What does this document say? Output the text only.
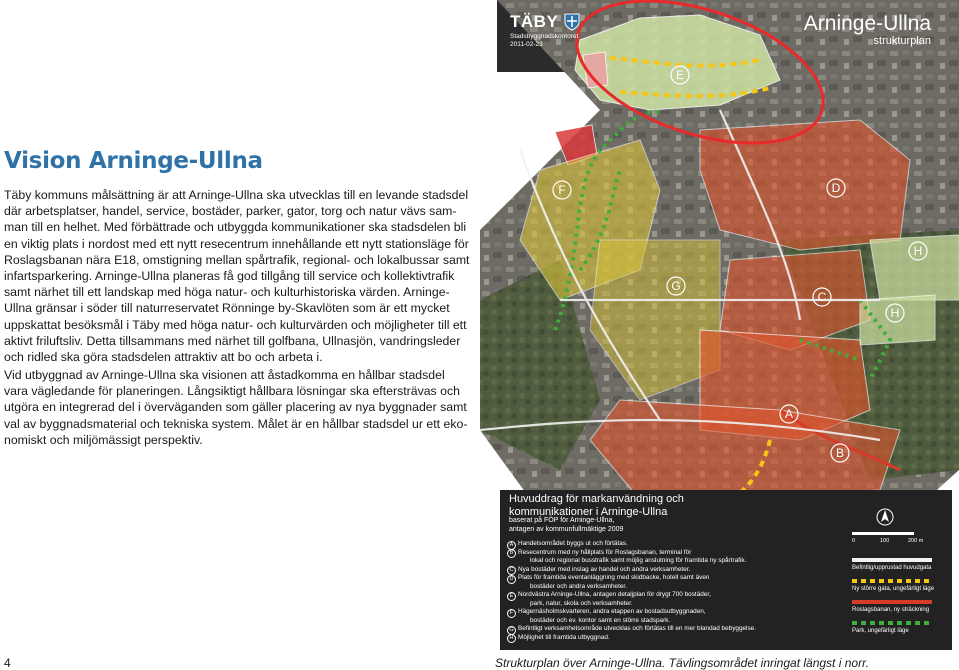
E
F	D
H
G
C
H
A
B
TÄBY
Stadsbyggnadskontoret
2011-02-23
Arninge-Ullna
strukturplan
Vision Arninge-Ullna

Täby kommuns målsättning är att Arninge-Ullna ska utvecklas till en levande stadsdel
där arbetsplatser, handel, service, bostäder, parker, gator, torg och natur vävs sam-
man till en helhet. Med förbättrade och utbyggda kommunikationer ska stadsdelen bli
en viktig plats i nordost med ett nytt resecentrum innehållande ett nytt stationsläge för
Roslagsbanan nära E18, omstigning mellan spårtrafik, regional- och lokalbussar samt
infartsparkering. Arninge-Ullna planeras få god tillgång till service och kollektivtrafik
samt närhet till ett landskap med höga natur- och kulturhistoriska värden. Arninge-
Ullna gränsar i söder till naturreservatet Rönninge by-Skavlöten som är ett mycket
uppskattat besöksmål i Täby med höga natur- och kulturvärden och möjligheter till ett
aktivt friluftsliv. Detta tillsammans med närhet till golfbana, Ullnasjön, vandringsleder
och ridled ska göra stadsdelen attraktiv att bo och arbeta i.

Vid utbyggnad av Arninge-Ullna ska visionen att åstadkomma en hållbar stadsdel
vara vägledande för planeringen. Långsiktigt hållbara lösningar ska eftersträvas och
utgöra en integrerad del i överväganden som gäller placering av nya byggnader samt
val av byggnadsmaterial och tekniska system. Målet är en hållbar stadsdel ur ett eko-
nomiskt och miljömässigt perspektiv.

Huvuddrag för markanvändning och kommunikationer i Arninge-Ullna
baserat på FÖP för Arninge-Ullna,
antagen av kommunfullmäktige 2009
A Handelsområdet byggs ut och förtätas.
B Resecentrum med ny hållplats för Roslagsbanan, terminal för
lokal och regional busstrafik samt möjlig anslutning för framtida ny spårtrafik.
C Nya bostäder med inslag av handel och andra verksamheter.
D Plats för framtida eventanläggning med skidbacke, hotell samt även
bostäder och andra verksamheter.
E Nordvästra Arninge-Ullna, antagen detaljplan för drygt 700 bostäder,
park, natur, skola och verksamheter.
F Hägernäsholmskvarteren, andra etappen av bostadsutbyggnaden,
bostäder och ev. kontor samt en större stadspark.
G Befintligt verksamhetsområde utvecklas och förtätas till en mer blandad bebyggelse.
H Möjlighet till framtida utbyggnad.
0	100	200 m
Befintlig/upprustad huvudgata
Ny större gata, ungefärligt läge
Roslagsbanan, ny sträckning
Park, ungefärligt läge
4	Strukturplan över Arninge-Ullna. Tävlingsområdet inringat längst i norr.
